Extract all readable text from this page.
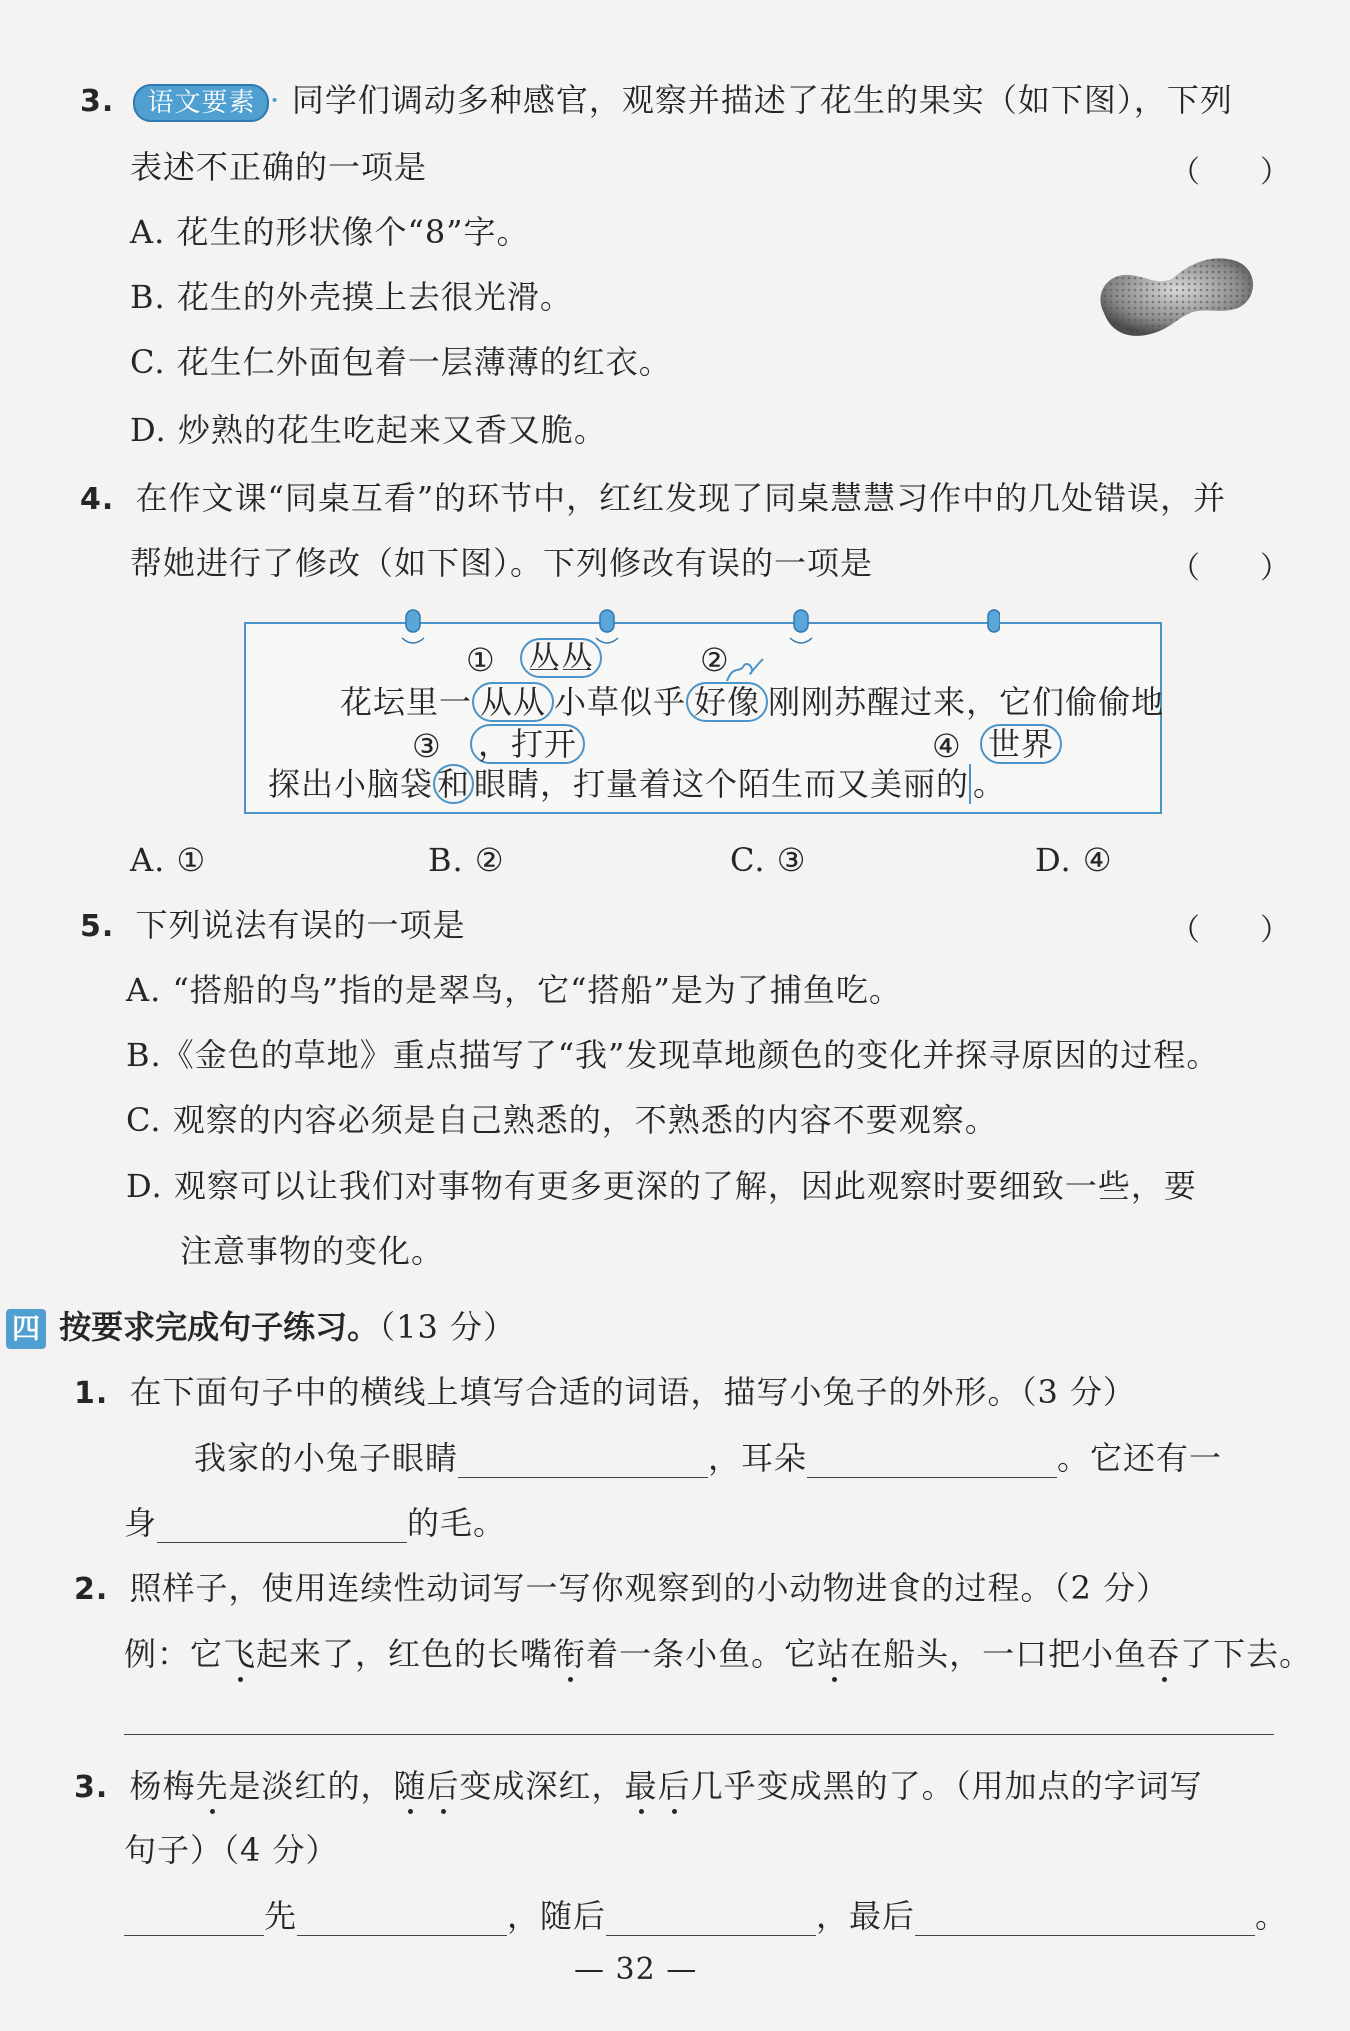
3. 语文要素 · 同学们调动多种感官，观察并描述了花生的果实（如下图），下列
表述不正确的一项是	（　　）
A. 花生的形状像个“8”字。
B. 花生的外壳摸上去很光滑。
C. 花生仁外面包着一层薄薄的红衣。
D. 炒熟的花生吃起来又香又脆。
4. 在作文课“同桌互看”的环节中，红红发现了同桌慧慧习作中的几处错误，并
帮她进行了修改（如下图）。下列修改有误的一项是	（　　）
① 丛丛	②
花坛里一 从从 小草似乎 好像 刚刚苏醒过来，它们偷偷地
③ ，打开	④ 世界
探出小脑袋 和 眼睛，打量着这个陌生而又美丽的 。
A. ①	B. ②	C. ③	D. ④
5. 下列说法有误的一项是	（　　）
A. “搭船的鸟”指的是翠鸟，它“搭船”是为了捕鱼吃。
B.《金色的草地》重点描写了“我”发现草地颜色的变化并探寻原因的过程。
C. 观察的内容必须是自己熟悉的，不熟悉的内容不要观察。
D. 观察可以让我们对事物有更多更深的了解，因此观察时要细致一些，要
注意事物的变化。
四 按要求完成句子练习。（13 分）
1. 在下面句子中的横线上填写合适的词语，描写小兔子的外形。（3 分）
我家的小兔子眼睛	，耳朵	。它还有一
身	的毛。
2. 照样子，使用连续性动词写一写你观察到的小动物进食的过程。（2 分）
例：它飞起来了，红色的长嘴衔着一条小鱼。它站在船头，一口把小鱼吞了下去。
3. 杨梅先是淡红的，随后变成深红，最后几乎变成黑的了。（用加点的字词写
句子）（4 分）
先	，随后	，最后	。
— 32 —
